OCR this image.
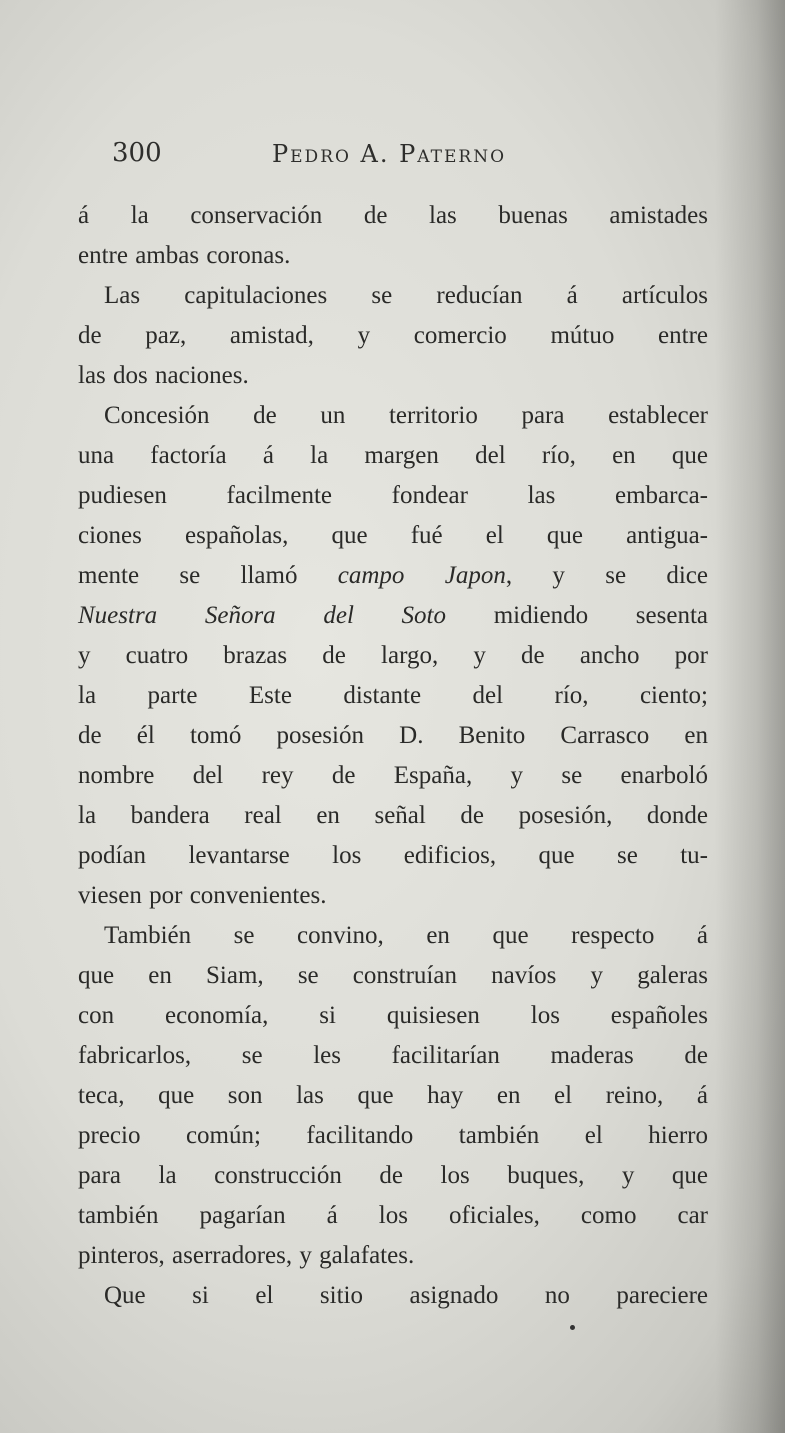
300	Pedro A. Paterno
á la conservación de las buenas amistades
entre ambas coronas.
Las capitulaciones se reducían á artículos
de paz, amistad, y comercio mútuo entre
las dos naciones.
Concesión de un territorio para establecer
una factoría á la margen del río, en que
pudiesen facilmente fondear las embarca-
ciones españolas, que fué el que antigua-
mente se llamó campo Japon, y se dice
Nuestra Señora del Soto midiendo sesenta
y cuatro brazas de largo, y de ancho por
la parte Este distante del río, ciento;
de él tomó posesión D. Benito Carrasco en
nombre del rey de España, y se enarboló
la bandera real en señal de posesión, donde
podían levantarse los edificios, que se tu-
viesen por convenientes.
También se convino, en que respecto á
que en Siam, se construían navíos y galeras
con economía, si quisiesen los españoles
fabricarlos, se les facilitarían maderas de
teca, que son las que hay en el reino, á
precio común; facilitando también el hierro
para la construcción de los buques, y que
también pagarían á los oficiales, como car
pinteros, aserradores, y galafates.
Que si el sitio asignado no pareciere
